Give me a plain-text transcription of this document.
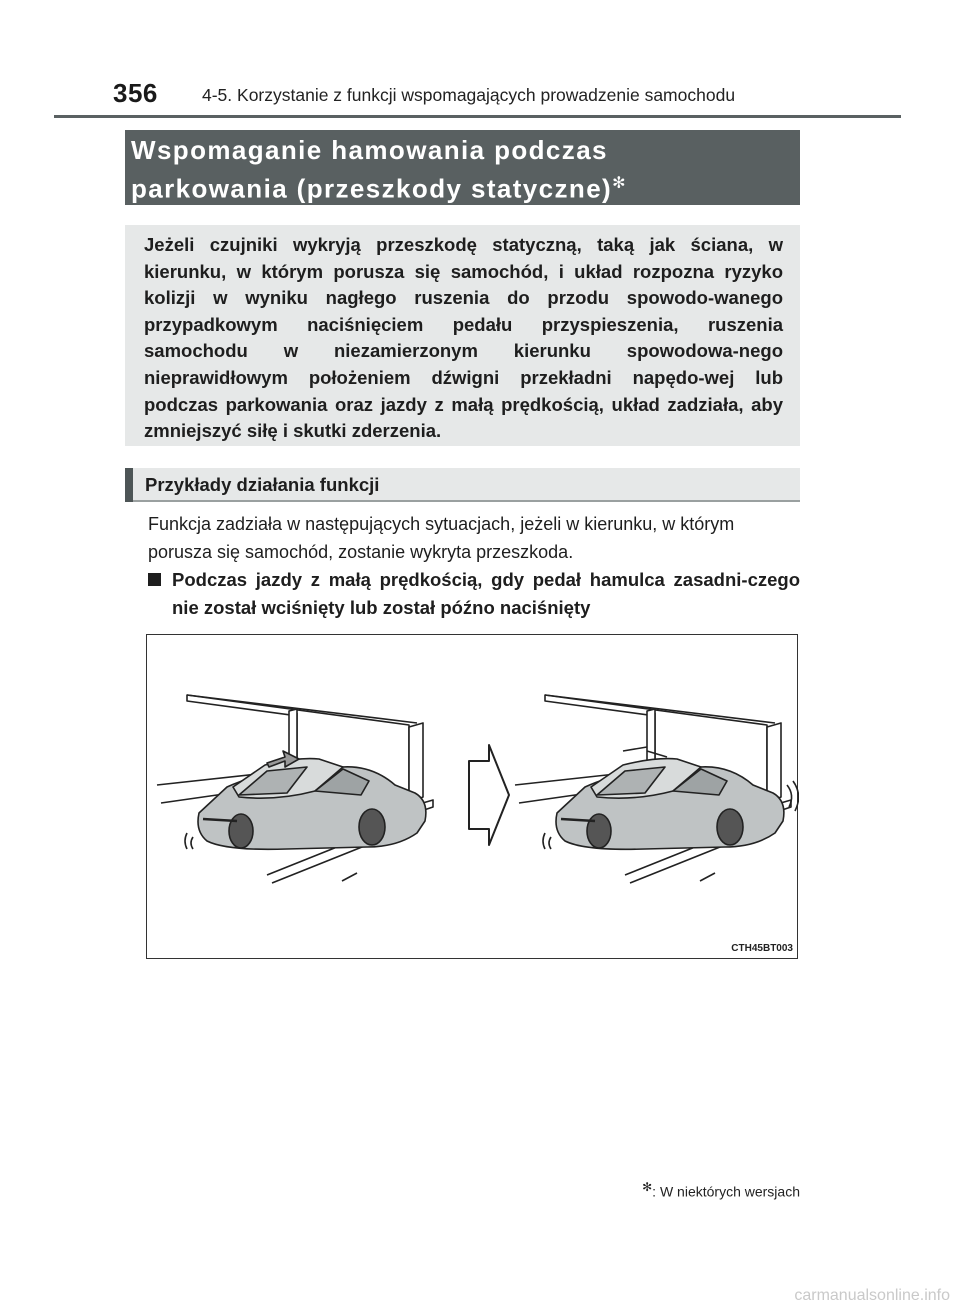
356	4-5. Korzystanie z funkcji wspomagających prowadzenie samochodu
Wspomaganie hamowania podczas
parkowania (przeszkody statyczne)✻

Jeżeli czujniki wykryją przeszkodę statyczną, taką jak ściana, w kierunku, w którym porusza się samochód, i układ rozpozna ryzyko kolizji w wyniku nagłego ruszenia do przodu spowodo-wanego przypadkowym naciśnięciem pedału przyspieszenia, ruszenia samochodu w niezamierzonym kierunku spowodowa-nego nieprawidłowym położeniem dźwigni przekładni napędo-wej lub podczas parkowania oraz jazdy z małą prędkością, układ zadziała, aby zmniejszyć siłę i skutki zderzenia.

Przykłady działania funkcji

Funkcja zadziała w następujących sytuacjach, jeżeli w kierunku, w którym porusza się samochód, zostanie wykryta przeszkoda.

Podczas jazdy z małą prędkością, gdy pedał hamulca zasadni-czego nie został wciśnięty lub został późno naciśnięty
CTH45BT003
✻: W niektórych wersjach
carmanualsonline.info
